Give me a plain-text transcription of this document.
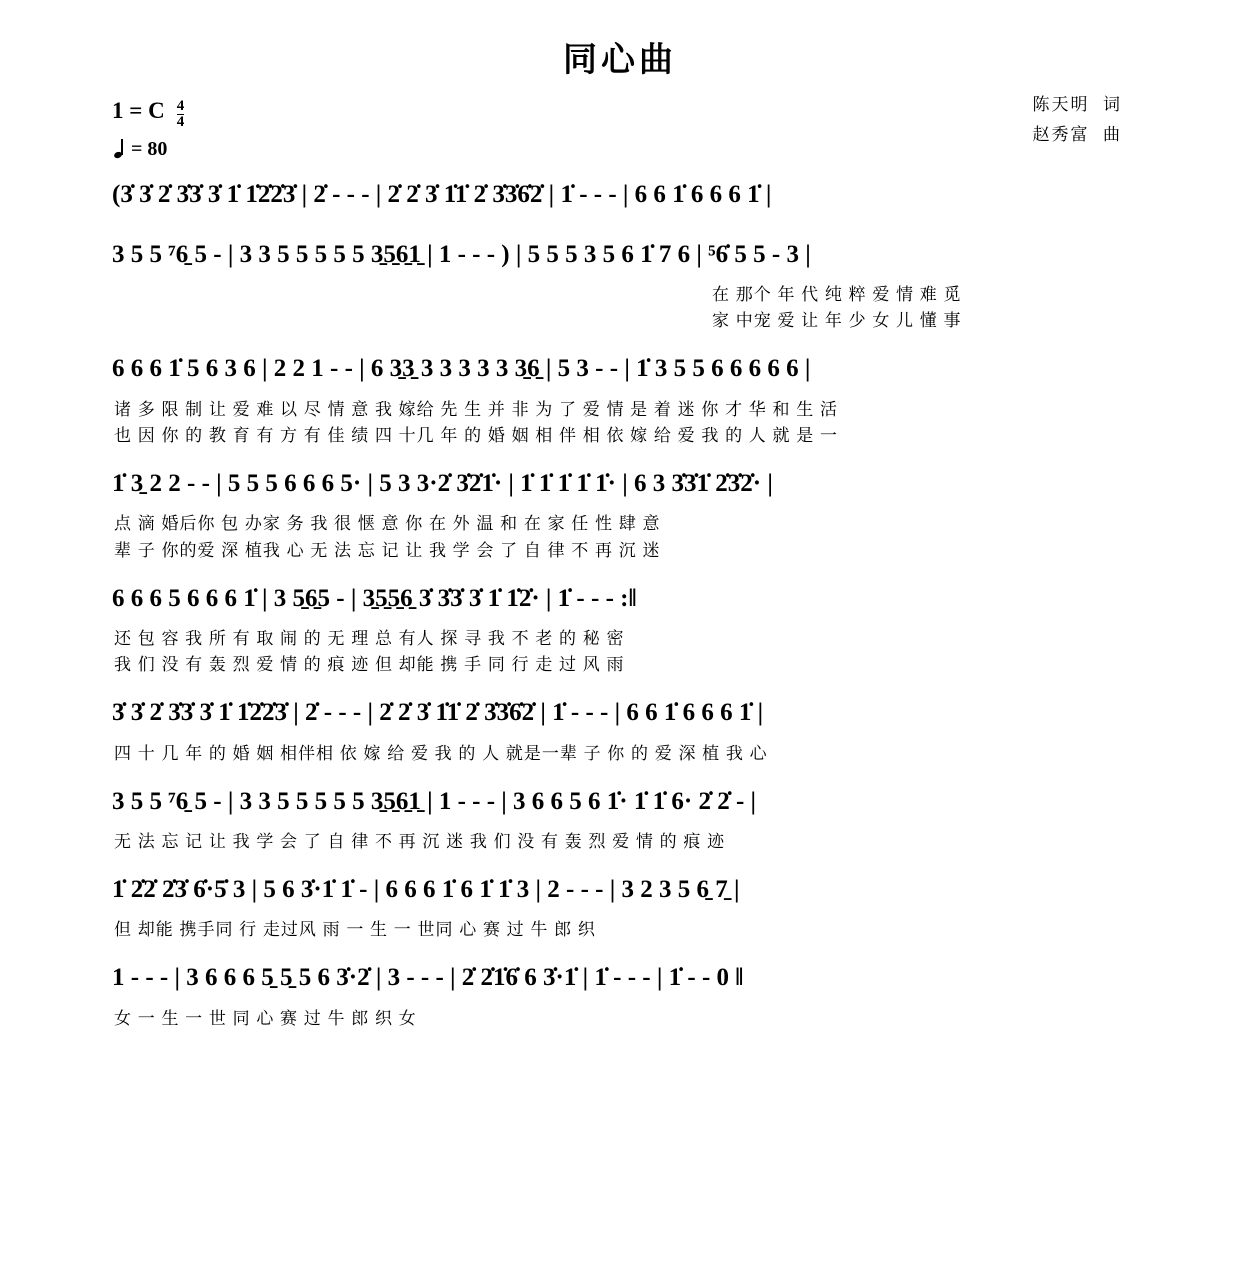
同心曲
1 = C $\frac{4}{4}$
= 80
陈天明 词
赵秀富 曲
(3̇ 3̇ 2̇ 3̇3̇ 3̇ 1̇ 1̇2̇2̇3̇ | 2̇ - - - | 2̇ 2̇ 3̇ 1̇1̇ 2̇ 3̇3̇6̇2̇ | 1̇ - - - | 6 6 1̇ 6 6 6 1̇ |
3 5 5 ⁷6̱ 5 - | 3 3 5 5 5 5 5 3̱5̱6̱1̱ | 1 - - - ) | 5 5 5 3 5 6 1̇ 7 6 | ⁵6̇ 5 5 - 3 |
在 那个 年 代 纯 粹 爱 情 难 觅
家 中宠 爱 让 年 少 女 儿 懂 事
6 6 6 1̇ 5 6 3 6 | 2 2 1 - - | 6 3̱3̱ 3 3 3 3 3 3̱6̱ | 5 3 - - | 1̇ 3 5 5 6 6 6 6 6 |
诸 多 限 制 让 爱 难 以 尽 情 意 我 嫁给 先 生 并 非 为 了 爱 情 是 着 迷 你 才 华 和 生 活
也 因 你 的 教 育 有 方 有 佳 绩 四 十几 年 的 婚 姻 相 伴 相 依 嫁 给 爱 我 的 人 就 是 一
1̇ 3̱ 2 2 - - | 5 5 5 6 6 6 5· | 5 3 3·2̇ 3̇2̇1̇· | 1̇ 1̇ 1̇ 1̇ 1̇· | 6 3 3̇3̇1̇ 2̇3̇2̇· |
点 滴 婚后你 包 办家 务 我 很 惬 意 你 在 外 温 和 在 家 任 性 肆 意
辈 子 你的爱 深 植我 心 无 法 忘 记 让 我 学 会 了 自 律 不 再 沉 迷
6 6 6 5 6 6 6 1̇ | 3 5̱6̱5 - | 3̱5̱5̱6̱ 3̇ 3̇3̇ 3̇ 1̇ 1̇2̇· | 1̇ - - - :‖
还 包 容 我 所 有 取 闹 的 无 理 总 有人 探 寻 我 不 老 的 秘 密
我 们 没 有 轰 烈 爱 情 的 痕 迹 但 却能 携 手 同 行 走 过 风 雨
3̇ 3̇ 2̇ 3̇3̇ 3̇ 1̇ 1̇2̇2̇3̇ | 2̇ - - - | 2̇ 2̇ 3̇ 1̇1̇ 2̇ 3̇3̇6̇2̇ | 1̇ - - - | 6 6 1̇ 6 6 6 1̇ |
四 十 几 年 的 婚 姻 相伴相 依 嫁 给 爱 我 的 人 就是一辈 子 你 的 爱 深 植 我 心
3 5 5 ⁷6̱ 5 - | 3 3 5 5 5 5 5 3̱5̱6̱1̱ | 1 - - - | 3 6 6 5 6 1̇· 1̇ 1̇ 6· 2̇ 2̇ - |
无 法 忘 记 让 我 学 会 了 自 律 不 再 沉 迷 我 们 没 有 轰 烈 爱 情 的 痕 迹
1̇ 2̇2̇ 2̇3̇ 6̇·5̇ 3 | 5 6 3̇·1̇ 1̇ - | 6 6 6 1̇ 6 1̇ 1̇ 3 | 2 - - - | 3 2 3 5 6̱ 7̱ |
但 却能 携手同 行 走过风 雨 一 生 一 世同 心 赛 过 牛 郎 织
1 - - - | 3 6 6 6 5̱ 5̱ 5 6 3̇·2̇ | 3 - - - | 2̇ 2̇1̇6̇ 6 3̇·1̇ | 1̇ - - - | 1̇ - - 0 ‖
女 一 生 一 世 同 心 赛 过 牛 郎 织 女
